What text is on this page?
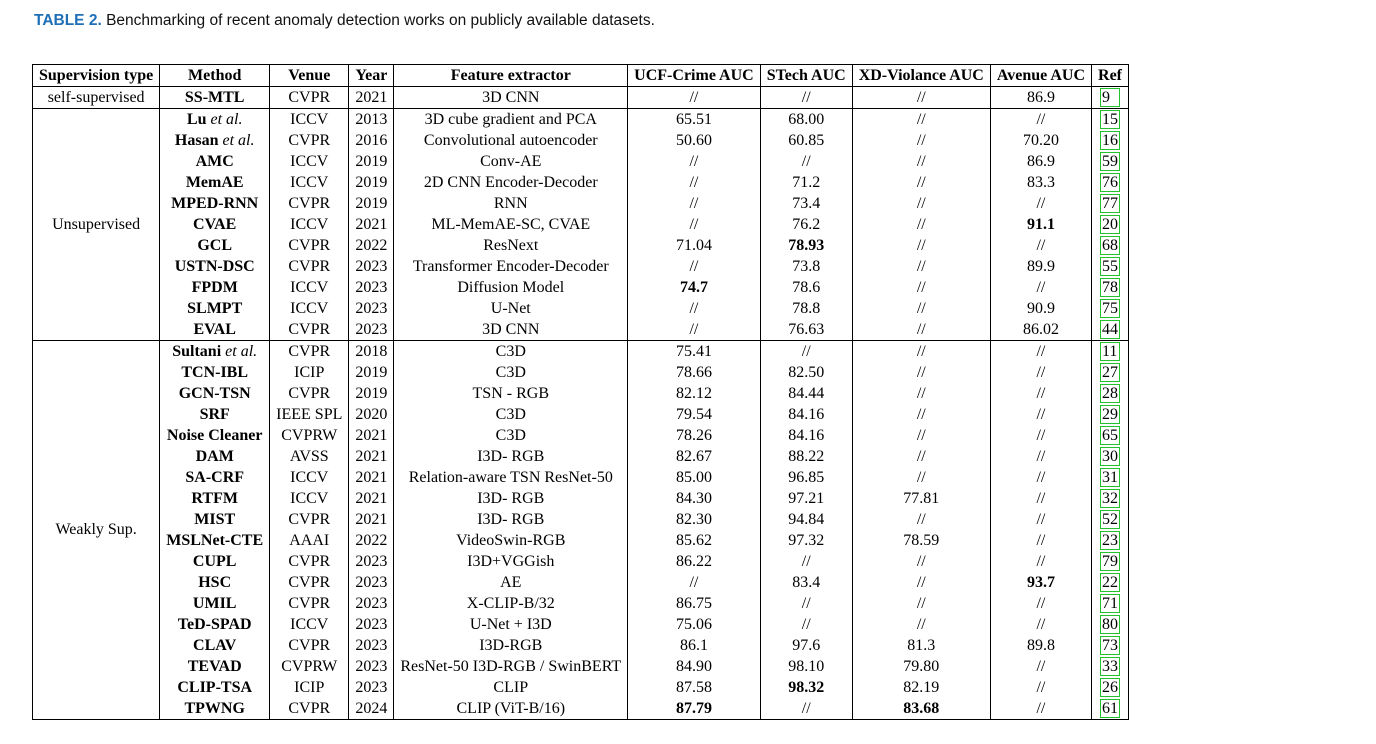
TABLE 2. Benchmarking of recent anomaly detection works on publicly available datasets.
Supervision type	Method	Venue	Year	Feature extractor	UCF-Crime AUC	STech AUC	XD-Violance AUC	Avenue AUC	Ref
self-supervised	SS-MTL	CVPR	2021	3D CNN	//	//	//	86.9	9
Unsupervised	Lu et al.	ICCV	2013	3D cube gradient and PCA	65.51	68.00	//	//	15
	Hasan et al.	CVPR	2016	Convolutional autoencoder	50.60	60.85	//	70.20	16
	AMC	ICCV	2019	Conv-AE	//	//	//	86.9	59
	MemAE	ICCV	2019	2D CNN Encoder-Decoder	//	71.2	//	83.3	76
	MPED-RNN	CVPR	2019	RNN	//	73.4	//	//	77
	CVAE	ICCV	2021	ML-MemAE-SC, CVAE	//	76.2	//	91.1	20
	GCL	CVPR	2022	ResNext	71.04	78.93	//	//	68
	USTN-DSC	CVPR	2023	Transformer Encoder-Decoder	//	73.8	//	89.9	55
	FPDM	ICCV	2023	Diffusion Model	74.7	78.6	//	//	78
	SLMPT	ICCV	2023	U-Net	//	78.8	//	90.9	75
	EVAL	CVPR	2023	3D CNN	//	76.63	//	86.02	44
Weakly Sup.	Sultani et al.	CVPR	2018	C3D	75.41	//	//	//	11
	TCN-IBL	ICIP	2019	C3D	78.66	82.50	//	//	27
	GCN-TSN	CVPR	2019	TSN - RGB	82.12	84.44	//	//	28
	SRF	IEEE SPL	2020	C3D	79.54	84.16	//	//	29
	Noise Cleaner	CVPRW	2021	C3D	78.26	84.16	//	//	65
	DAM	AVSS	2021	I3D- RGB	82.67	88.22	//	//	30
	SA-CRF	ICCV	2021	Relation-aware TSN ResNet-50	85.00	96.85	//	//	31
	RTFM	ICCV	2021	I3D- RGB	84.30	97.21	77.81	//	32
	MIST	CVPR	2021	I3D- RGB	82.30	94.84	//	//	52
	MSLNet-CTE	AAAI	2022	VideoSwin-RGB	85.62	97.32	78.59	//	23
	CUPL	CVPR	2023	I3D+VGGish	86.22	//	//	//	79
	HSC	CVPR	2023	AE	//	83.4	//	93.7	22
	UMIL	CVPR	2023	X-CLIP-B/32	86.75	//	//	//	71
	TeD-SPAD	ICCV	2023	U-Net + I3D	75.06	//	//	//	80
	CLAV	CVPR	2023	I3D-RGB	86.1	97.6	81.3	89.8	73
	TEVAD	CVPRW	2023	ResNet-50 I3D-RGB / SwinBERT	84.90	98.10	79.80	//	33
	CLIP-TSA	ICIP	2023	CLIP	87.58	98.32	82.19	//	26
	TPWNG	CVPR	2024	CLIP (ViT-B/16)	87.79	//	83.68	//	61
